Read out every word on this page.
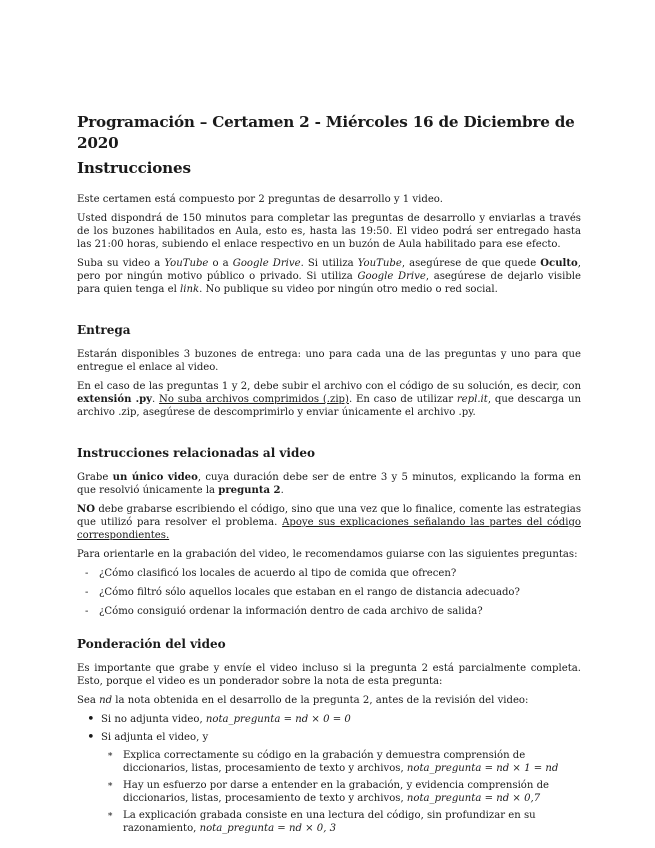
Programación – Certamen 2 - Miércoles 16 de Diciembre de 2020
Instrucciones

Este certamen está compuesto por 2 preguntas de desarrollo y 1 video.

Usted dispondrá de 150 minutos para completar las preguntas de desarrollo y enviarlas a través de los buzones habilitados en Aula, esto es, hasta las 19:50. El video podrá ser entregado hasta las 21:00 horas, subiendo el enlace respectivo en un buzón de Aula habilitado para ese efecto.

Suba su video a YouTube o a Google Drive. Si utiliza YouTube, asegúrese de que quede Oculto, pero por ningún motivo público o privado. Si utiliza Google Drive, asegúrese de dejarlo visible para quien tenga el link. No publique su video por ningún otro medio o red social.

Entrega

Estarán disponibles 3 buzones de entrega: uno para cada una de las preguntas y uno para que entregue el enlace al video.

En el caso de las preguntas 1 y 2, debe subir el archivo con el código de su solución, es decir, con extensión .py. No suba archivos comprimidos (.zip). En caso de utilizar repl.it, que descarga un archivo .zip, asegúrese de descomprimirlo y enviar únicamente el archivo .py.

Instrucciones relacionadas al video

Grabe un único video, cuya duración debe ser de entre 3 y 5 minutos, explicando la forma en que resolvió únicamente la pregunta 2.

NO debe grabarse escribiendo el código, sino que una vez que lo finalice, comente las estrategias que utilizó para resolver el problema. Apoye sus explicaciones señalando las partes del código correspondientes.

Para orientarle en la grabación del video, le recomendamos guiarse con las siguientes preguntas:

- ¿Cómo clasificó los locales de acuerdo al tipo de comida que ofrecen?
- ¿Cómo filtró sólo aquellos locales que estaban en el rango de distancia adecuado?
- ¿Cómo consiguió ordenar la información dentro de cada archivo de salida?
Ponderación del video

Es importante que grabe y envíe el video incluso si la pregunta 2 está parcialmente completa. Esto, porque el video es un ponderador sobre la nota de esta pregunta:

Sea nd la nota obtenida en el desarrollo de la pregunta 2, antes de la revisión del video:

• Si no adjunta video, nota_pregunta = nd × 0 = 0
• Si adjunta el video, y
∗ Explica correctamente su código en la grabación y demuestra comprensión de diccionarios, listas, procesamiento de texto y archivos, nota_pregunta = nd × 1 = nd
∗ Hay un esfuerzo por darse a entender en la grabación, y evidencia comprensión de diccionarios, listas, procesamiento de texto y archivos, nota_pregunta = nd × 0,7
∗ La explicación grabada consiste en una lectura del código, sin profundizar en su razonamiento, nota_pregunta = nd × 0, 3
